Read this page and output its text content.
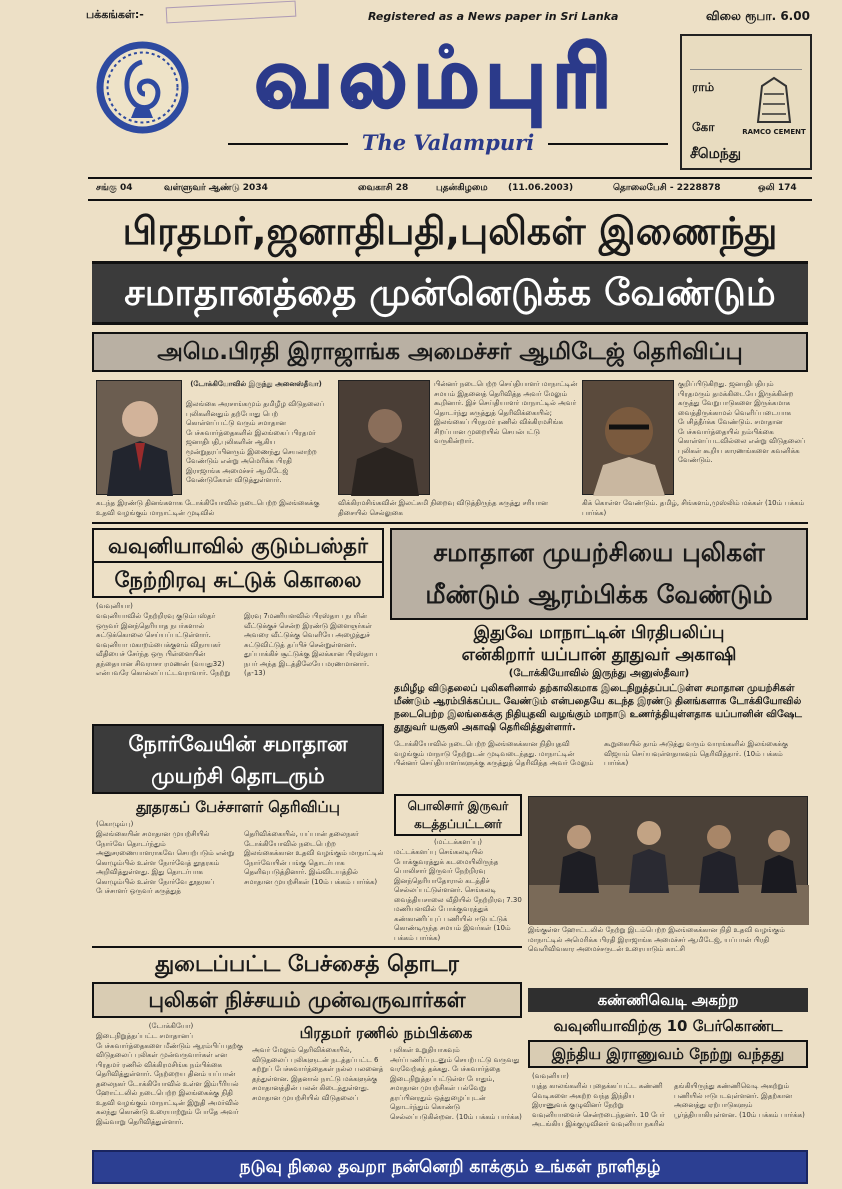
பக்கங்கள்:-	Registered as a News paper in Sri Lanka	விலை ரூபா. 6.00
வலம்புரி
The Valampuri
ராம்
கோ
சீமெந்து
RAMCO CEMENT
சங்கு 04	வள்ளுவர் ஆண்டு 2034	வைகாசி 28	புதன்கிழமை (11.06.2003)	தொலைபேசி - 2228878	ஒலி 174
பிரதமர்,ஜனாதிபதி,புலிகள் இணைந்து
சமாதானத்தை முன்னெடுக்க வேண்டும்
அமெ.பிரதி இராஜாங்க அமைச்சர் ஆமிடேஜ் தெரிவிப்பு
(டோக்கியோவில் இருந்து அனைஸ்தீவா)
இலங்கை அரசாங்கமும் தமிழீழ விடுதலைப் புலிகளினதும் தற்போது பெற் கொள்ளப்பட்டு வரும் சமாதான பேச்சுவார்த்தைகளில் இலங்கைப் பிரதமர் ஜனாதிபதி,புலிகளின் ஆகிய மூன்றுதரப்பினரும் இணைந்து செயலாற்ற வேண்டும் என்று அமெரிக்க பிரதி இராஜாங்க அமைச்சர் ஆமிடேஜ் வேண்டுகோள் விடுத்துள்ளார்.
கடந்த இரண்டு தினங்களாக டோக்கியோவில் நடைபெற்ற இலங்கைக்கு உதவி வழங்கும் மாநாட்டின் முடிவில்
விக்கிரமசிங்கவின் இலட்சுமி நிறைவு விடுத்திருந்த கருத்து சரியான திசையில் செல்லுகை
பின்னர் நடைபெற்ற செய்தியாளர் மாநாட்டின் சமயம் இதனைத் தெரிவித்த அவர் மேலும் கூறினார். இச் செய்தியாளர் மாநாட்டில் அவர் தொடர்ந்து கருத்துத் தெரிவிக்கையில்; இலங்கைப் பிரதமர் ரணில் விக்கிரமசிங்க சிறப்பான முறையில் செயல்பட்டு வருகின்றார்.
கிக் கொள்ள வேண்டும். தமிழ், சிங்களம்,முஸ்லிம் மக்கள் (10ம் பக்கம் பார்க்க)
குறிப்பிடுகிறது. ஜனாதிபதியும் பிரதமரும் தமக்கிடையே இருக்கின்ற கருத்து வேறுபாடுகளை இருக்கமாக வைத்திருக்காமல் வெளிப்படையாக பேசித்தீர்க்க வேண்டும். சமாதான பேச்சுவார்த்தையில் நம்பிக்கை கொள்ளப்படவில்லை என்று விடுதலைப் புலிகள் கூறிய காரணங்களை கவனிக்க வேண்டும்.
வவுனியாவில் குடும்பஸ்தர்
நேற்றிரவு சுட்டுக் கொலை
(வவுனியா)
வவுனியாவில் நேற்றிரவு குடும்பஸ்தர் ஒருவர் இனந்தெரியாத நபர்களால் சுட்டுக்கொலை செய்யப்பட்டுள்ளார். வவுனியா மகாறம்பைக்குளம் விநாயகர் வீதியைச் சேர்ந்த ஒரு பிள்ளையின் தந்தையான சிவராசா ரமணன் (வயது32) என்பவரே கொல்லப்பட்டவராவார். நேற்று இரவு 7மணியளவில் பிரஸ்தாப நபரின் வீட்டுக்குச் சென்ற இரண்டு இளைஞர்கள் அவரை வீட்டுக்கு வெளியே அழைத்துச் சுட்டுவிட்டுத் தப்பிச் சென்றுள்ளனர். துப்பாக்கிச் சூட்டுக்கு இலக்கான பிரஸ்தாப நபர் அந்த இடத்திலேயே மரணமானார். (த-13)
சமாதான முயற்சியை புலிகள்
மீண்டும் ஆரம்பிக்க வேண்டும்
இதுவே மாநாட்டின் பிரதிபலிப்பு
என்கிறார் யப்பான் தூதுவர் அகாஷி
(டோக்கியோவில் இருந்து அனுஸ்தீவா)
தமிழீழ விடுதலைப் புலிகளினால் தற்காலிகமாக இடைநிறுத்தப்பட்டுள்ள சமாதான முயற்சிகள் மீண்டும் ஆரம்பிக்கப்பட வேண்டும் என்பதையே கடந்த இரண்டு தினங்களாக டோக்கியோவில் நடைபெற்ற இலங்கைக்கு நிதியுதவி வழங்கும் மாநாடு உணர்த்தியுள்ளதாக யப்பானின் விஷேட தூதுவர் யசூஸி அகாஷி தெரிவித்துள்ளார்.
நோர்வேயின் சமாதான
முயற்சி தொடரும்
தூதரகப் பேச்சாளர் தெரிவிப்பு
(கொழும்பு)
இலங்கையின் சமாதான முயற்சியில் நோர்வே தொடர்ந்தும் அனுசரணையாளராகவே செயற்படும் என்று கொழும்பில் உள்ள நோர்வேத் தூதரகம் அறிவித்துள்ளது. இது தொடர்பாக கொழும்பில் உள்ள நோர்வே தூதரகப் பேச்சாளர் ஒருவர் கருத்துத் தெரிவிக்கையில், யப்பான் தலைநகர் டோக்கியோவில் நடைபெற்ற இலங்கைக்கான உதவி வழங்கும் மாநாட்டில் நோர்வேயின் பங்கு தொடர்பாக தெளிவுபடுத்தினார். இவ்விடயத்தில் சமாதான முயற்சிகள் (10ம் பக்கம் பார்க்க)
டோக்கியோவில் நடைபெற்ற இலங்கைக்கான நிதியுதவி வழங்கும் மாநாடு நேற்றுடன் முடிவடைந்தது. மாநாட்டின் பின்னர் செய்தியாளர்களுக்கு கருத்துத் தெரிவித்த அவர் மேலும் கூறுகையில் தாம் அடுத்து வரும் வாரங்களில் இலங்கைக்கு விஜயம் செய்யவுள்ளதாகவும் தெரிவித்தார். (10ம் பக்கம் பார்க்க)
பொலிசார் இருவர்
கடத்தப்பட்டனர்
(மட்டக்களப்பு)
மட்டக்களப்பு செங்கலடியில் போக்குவரத்துக் கடமையிலிருந்த பொலிசார் இருவர் நேற்றிரவு இனந்தெரியாதோரால் கடத்திச் செல்லப்பட்டுள்ளனர். செங்கலடி வைத்தியசாலை வீதியில் நேற்றிரவு 7.30 மணியளவில் போக்குவரத்துக் கண்காணிப்புப் பணியில் ஈடுபட்டுக் கொண்டிருந்த சமயம் இவர்கள் (10ம் பக்கம் பார்க்க)
இங்குள்ள ஹோட்டலில் நேற்று இடம்பெற்ற இலங்கைக்கான நிதி உதவி வழங்கும் மாநாட்டில் அமெரிக்க பிரதி இராஜாங்க அமைச்சர் ஆமிடேஜ், யப்பான் பிரதி வெளிவிவகார அமைச்சருடன் உரையாடும் காட்சி
துடைப்பட்ட பேச்சைத் தொடர
புலிகள் நிச்சயம் முன்வருவார்கள்
(டோக்கியோ)
இடைநிறுத்தப்பட்ட சமாதானப் பேச்சுவார்த்தைகளை மீண்டும் ஆரம்பிப்பதற்கு விடுதலைப் புலிகள் முன்வருவார்கள் என பிரதமர் ரணில் விக்கிரமசிங்க நம்பிக்கை தெரிவித்துள்ளார். நேற்றைய தினம் யப்பான் தலைநகர் டோக்கியோவில் உள்ள இம்பீரியல் ஹோட்டலில் நடைபெற்ற இலங்கைக்கு நிதி உதவி வழங்கும் மாநாட்டின் இறுதி அமர்வில் கலந்து கொண்டு உரையாற்றும் போதே அவர் இவ்வாறு தெரிவித்துள்ளார்.
பிரதமர் ரணில் நம்பிக்கை
அவர் மேலும் தெரிவிக்கையில், விடுதலைப் புலிகளுடன் நடத்தப்பட்ட 6 சுற்றுப் பேச்சுவார்த்தைகள் நல்ல பலனைத் தந்துள்ளன. இதனால் நாட்டு மக்களுக்கு சமாதானத்தின் பலன் கிடைத்துள்ளது. சமாதான முயற்சியில் விடுதலைப்
புலிகள் உறுதியாகவும் அர்ப்பணிப்புடனும் செயற்பட்டு வருவது வரவேற்கத் தக்கது. பேச்சுவார்த்தை இடைநிறுத்தப்பட்டுள்ள போதும், சமாதான முயற்சிகள் பல்வேறு தரப்பினரதும் ஒத்துழைப்புடன் தொடர்ந்தும் கொண்டு செல்லப்படுகின்றன. (10ம் பக்கம் பார்க்க)
கண்ணிவெடி அகற்ற
வவுனியாவிற்கு 10 பேர்கொண்ட
இந்திய இராணுவம் நேற்று வந்தது
(வவுனியா)
யுத்த காலங்களில் புதைக்கப்பட்ட கண்ணி வெடிகளை அகற்ற வந்த இந்திய இராணுவக் குழுவினர் நேற்று வவுனியாவைச் சென்றடைந்தனர். 10 பேர் அடங்கிய இக்குழுவினர் வவுனியா நகரில் தங்கியிருந்து கண்ணிவெடி அகற்றும் பணியில் ஈடுபடவுள்ளனர். இதற்கான அனைத்து ஏற்பாடுகளும் பூர்த்தியாகியுள்ளன. (10ம் பக்கம் பார்க்க)
நடுவு நிலை தவறா நன்னெறி காக்கும் உங்கள் நாளிதழ்
